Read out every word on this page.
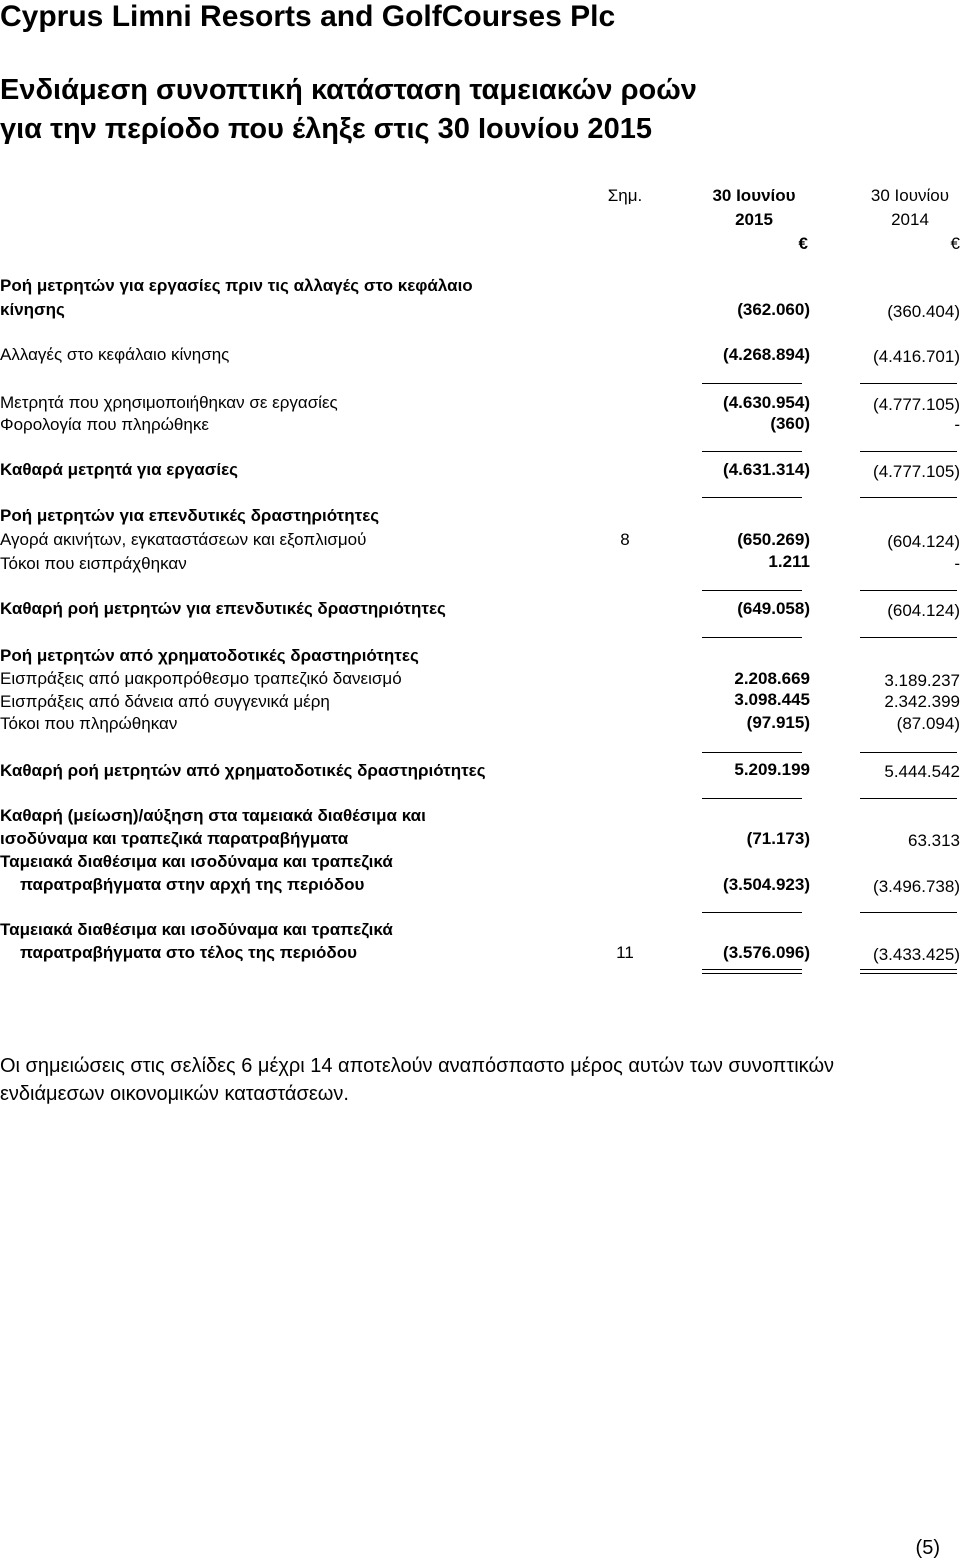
Cyprus Limni Resorts and GolfCourses Plc
Ενδιάμεση συνοπτική κατάσταση ταμειακών ροών
για την περίοδο που έληξε στις 30 Ιουνίου 2015
Σημ.	30 Ιουνίου
2015
€
30 Ιουνίου
2014
€
Ροή μετρητών για εργασίες πριν τις αλλαγές στο κεφάλαιο
κίνησης	(362.060)	(360.404)
Αλλαγές στο κεφάλαιο κίνησης	(4.268.894)	(4.416.701)
Μετρητά που χρησιμοποιήθηκαν σε εργασίες	(4.630.954)	(4.777.105)
Φορολογία που πληρώθηκε	(360)	-
Καθαρά μετρητά για εργασίες	(4.631.314)	(4.777.105)
Ροή μετρητών για επενδυτικές δραστηριότητες
Αγορά ακινήτων, εγκαταστάσεων και εξοπλισμού	8	(650.269)	(604.124)
Τόκοι που εισπράχθηκαν	1.211	-
Καθαρή ροή μετρητών για επενδυτικές δραστηριότητες	(649.058)	(604.124)
Ροή μετρητών από χρηματοδοτικές δραστηριότητες
Εισπράξεις από μακροπρόθεσμο τραπεζικό δανεισμό	2.208.669	3.189.237
Εισπράξεις από δάνεια από συγγενικά μέρη	3.098.445	2.342.399
Τόκοι που πληρώθηκαν	(97.915)	(87.094)
Καθαρή ροή μετρητών από χρηματοδοτικές δραστηριότητες	5.209.199	5.444.542
Καθαρή (μείωση)/αύξηση στα ταμειακά διαθέσιμα και
ισοδύναμα και τραπεζικά παρατραβήγματα	(71.173)	63.313
Ταμειακά διαθέσιμα και ισοδύναμα και τραπεζικά
παρατραβήγματα στην αρχή της περιόδου	(3.504.923)	(3.496.738)
Ταμειακά διαθέσιμα και ισοδύναμα και τραπεζικά
παρατραβήγματα στο τέλος της περιόδου	11	(3.576.096)	(3.433.425)
Οι σημειώσεις στις σελίδες 6 μέχρι 14 αποτελούν αναπόσπαστο μέρος αυτών των συνοπτικών ενδιάμεσων οικονομικών καταστάσεων.
(5)
